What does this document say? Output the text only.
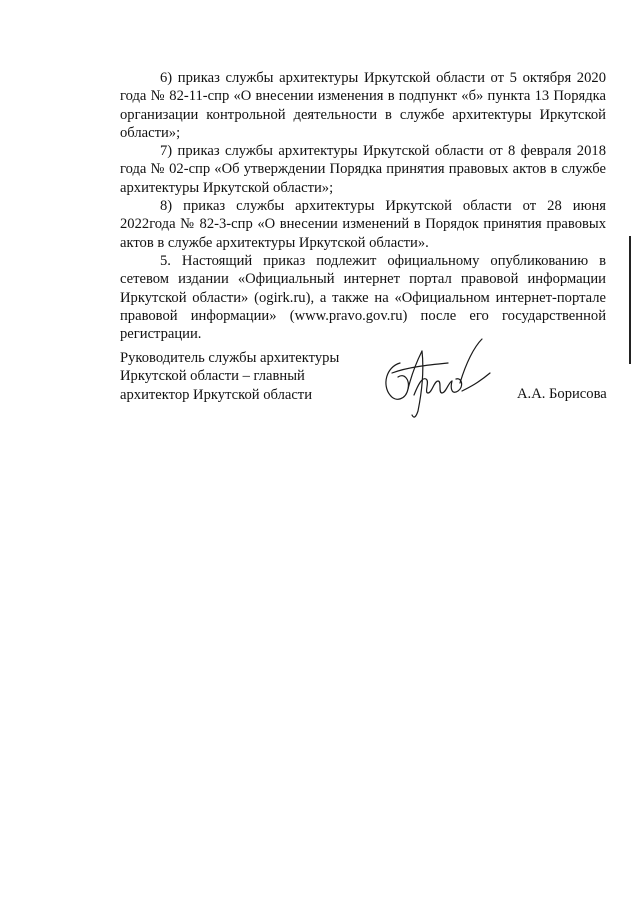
6) приказ службы архитектуры Иркутской области от 5 октября 2020 года № 82-11-спр «О внесении изменения в подпункт «б» пункта 13 Порядка организации контрольной деятельности в службе архитектуры Иркутской области»;

7) приказ службы архитектуры Иркутской области от 8 февраля 2018 года № 02-спр «Об утверждении Порядка принятия правовых актов в службе архитектуры Иркутской области»;

8) приказ службы архитектуры Иркутской области от 28 июня 2022года № 82-3-спр «О внесении изменений в Порядок принятия правовых актов в службе архитектуры Иркутской области».

5. Настоящий приказ подлежит официальному опубликованию в сетевом издании «Официальный интернет портал правовой информации Иркутской области» (ogirk.ru), а также на «Официальном интернет-портале правовой информации» (www.pravo.gov.ru) после его государственной регистрации.

Руководитель службы архитектуры
Иркутской области – главный
архитектор Иркутской области	А.А. Борисова
